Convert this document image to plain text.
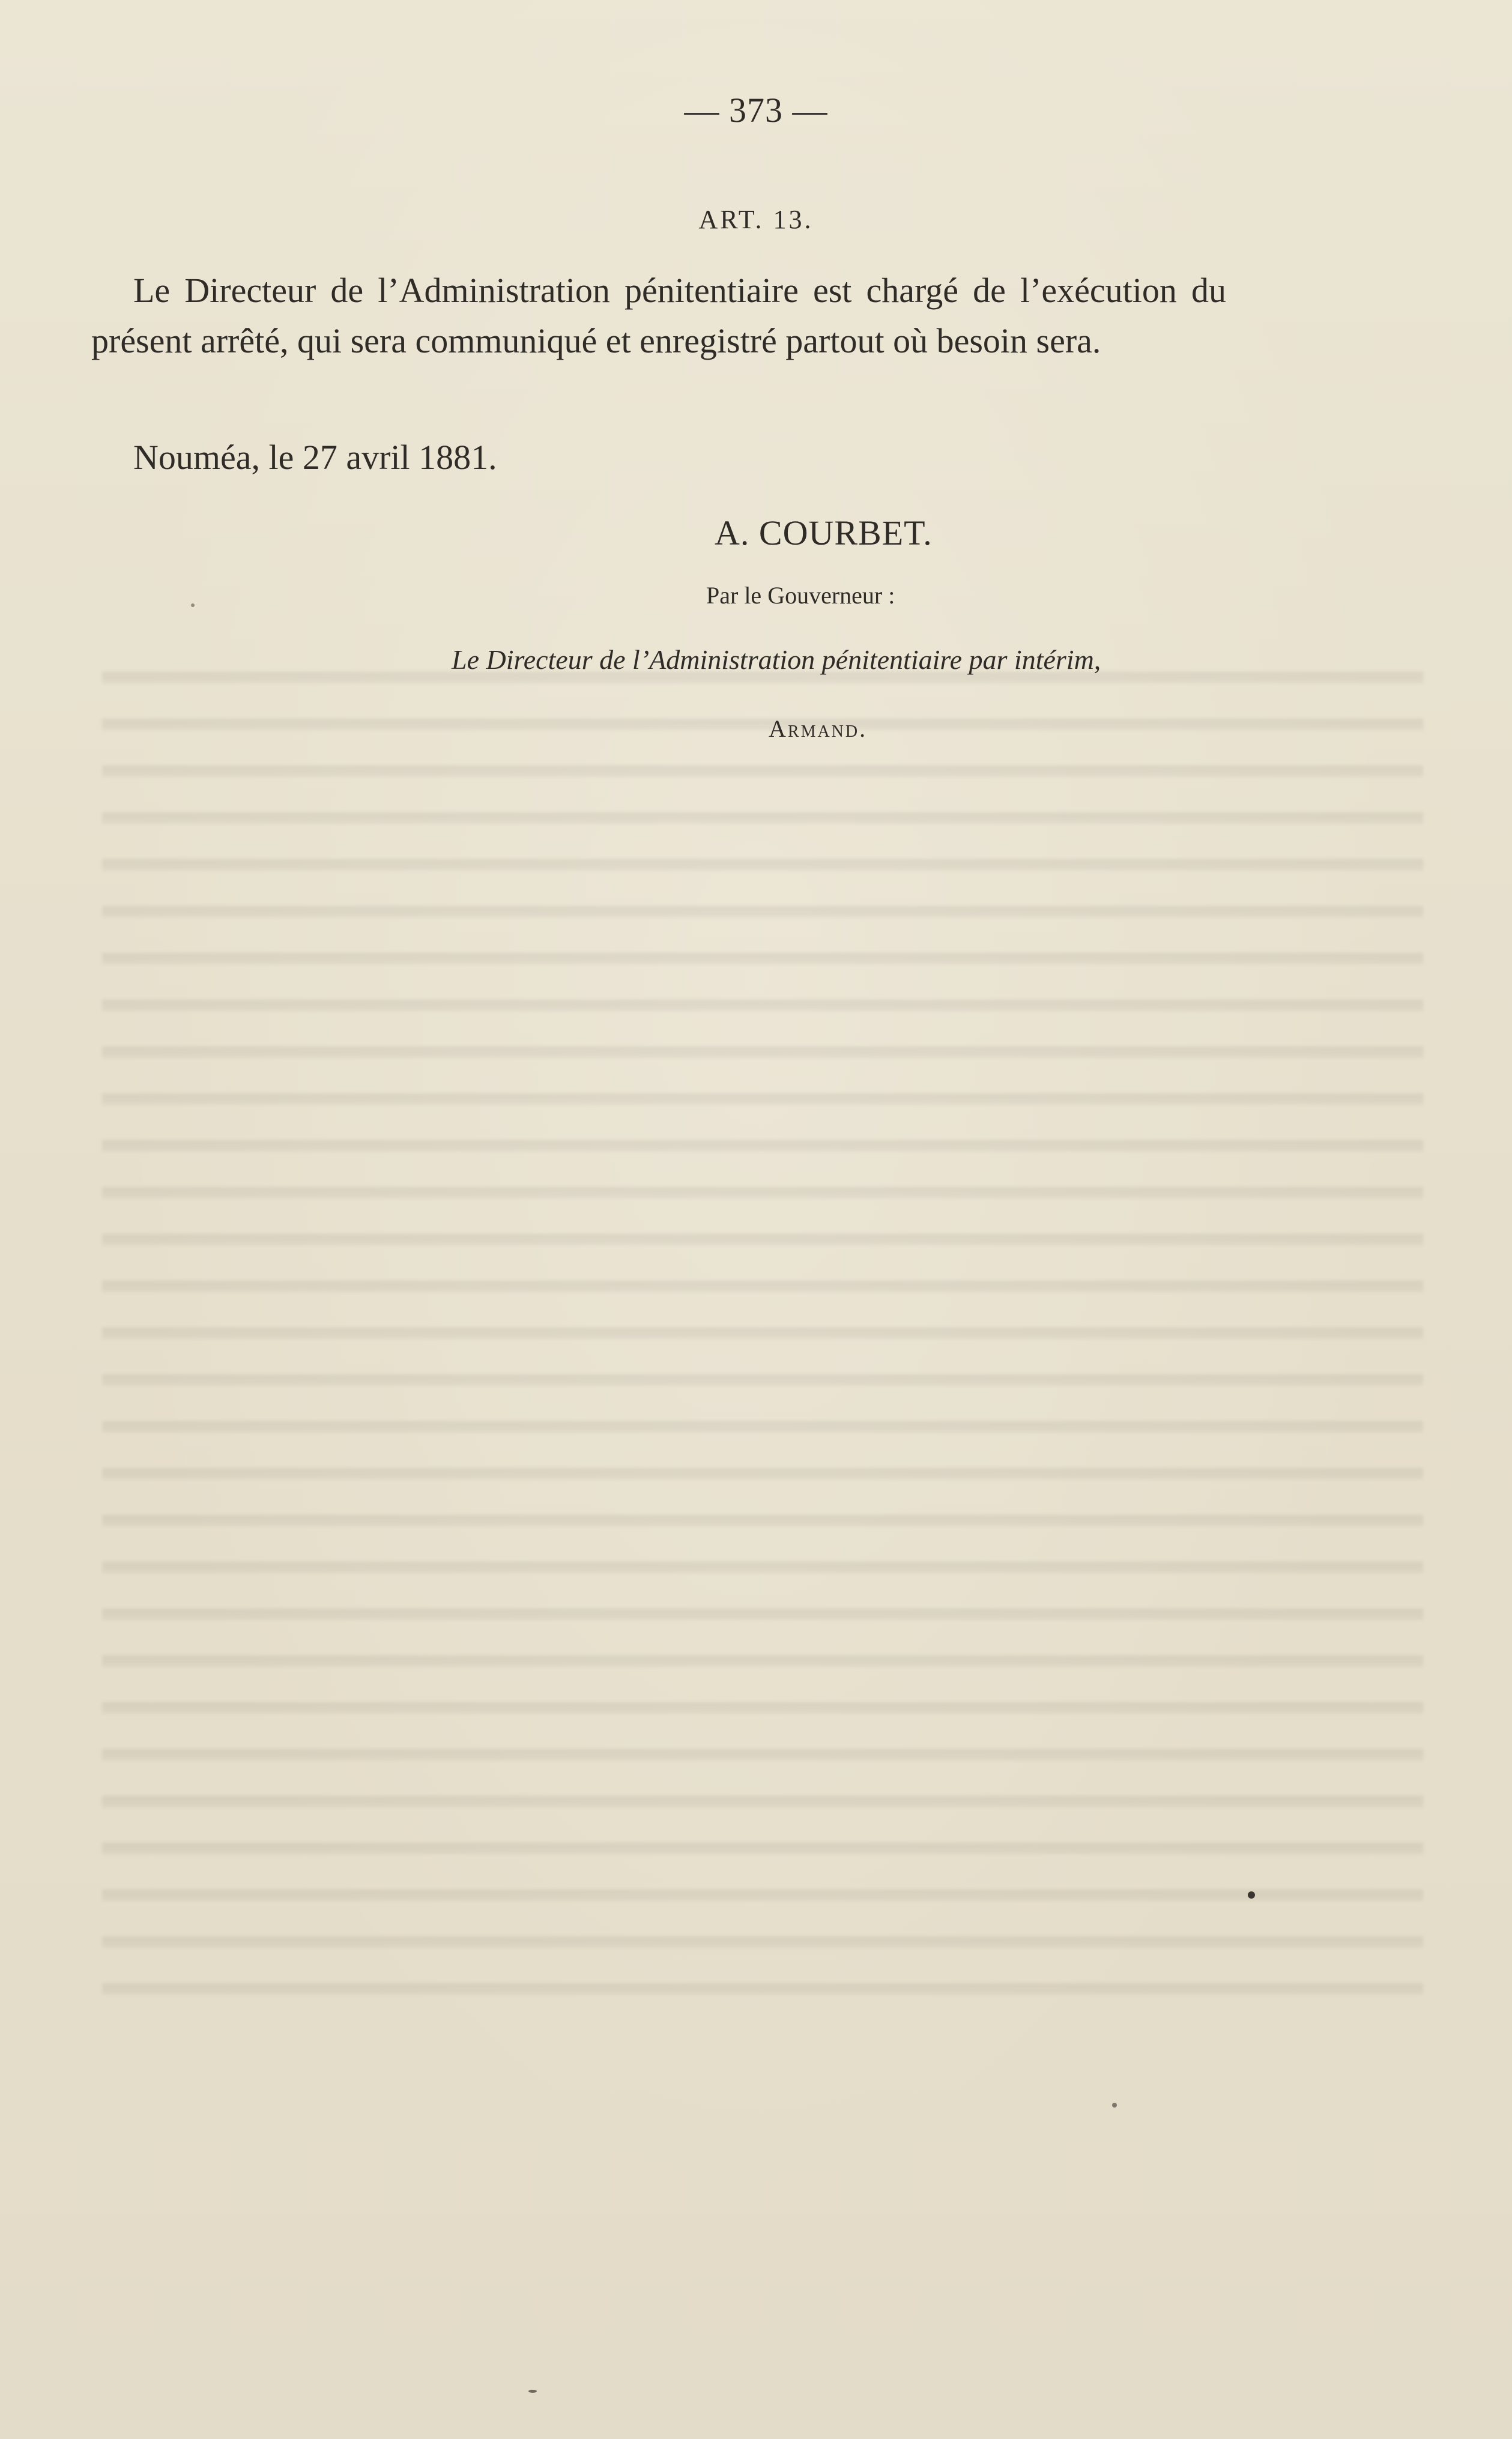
— 373 —
ART. 13.

Le Directeur de l’Administration pénitentiaire est chargé de l’exécution du présent arrêté, qui sera communiqué et enregistré partout où besoin sera.

Nouméa, le 27 avril 1881.
A. COURBET.
Par le Gouverneur :
Le Directeur de l’Administration pénitentiaire par intérim,
Armand.
